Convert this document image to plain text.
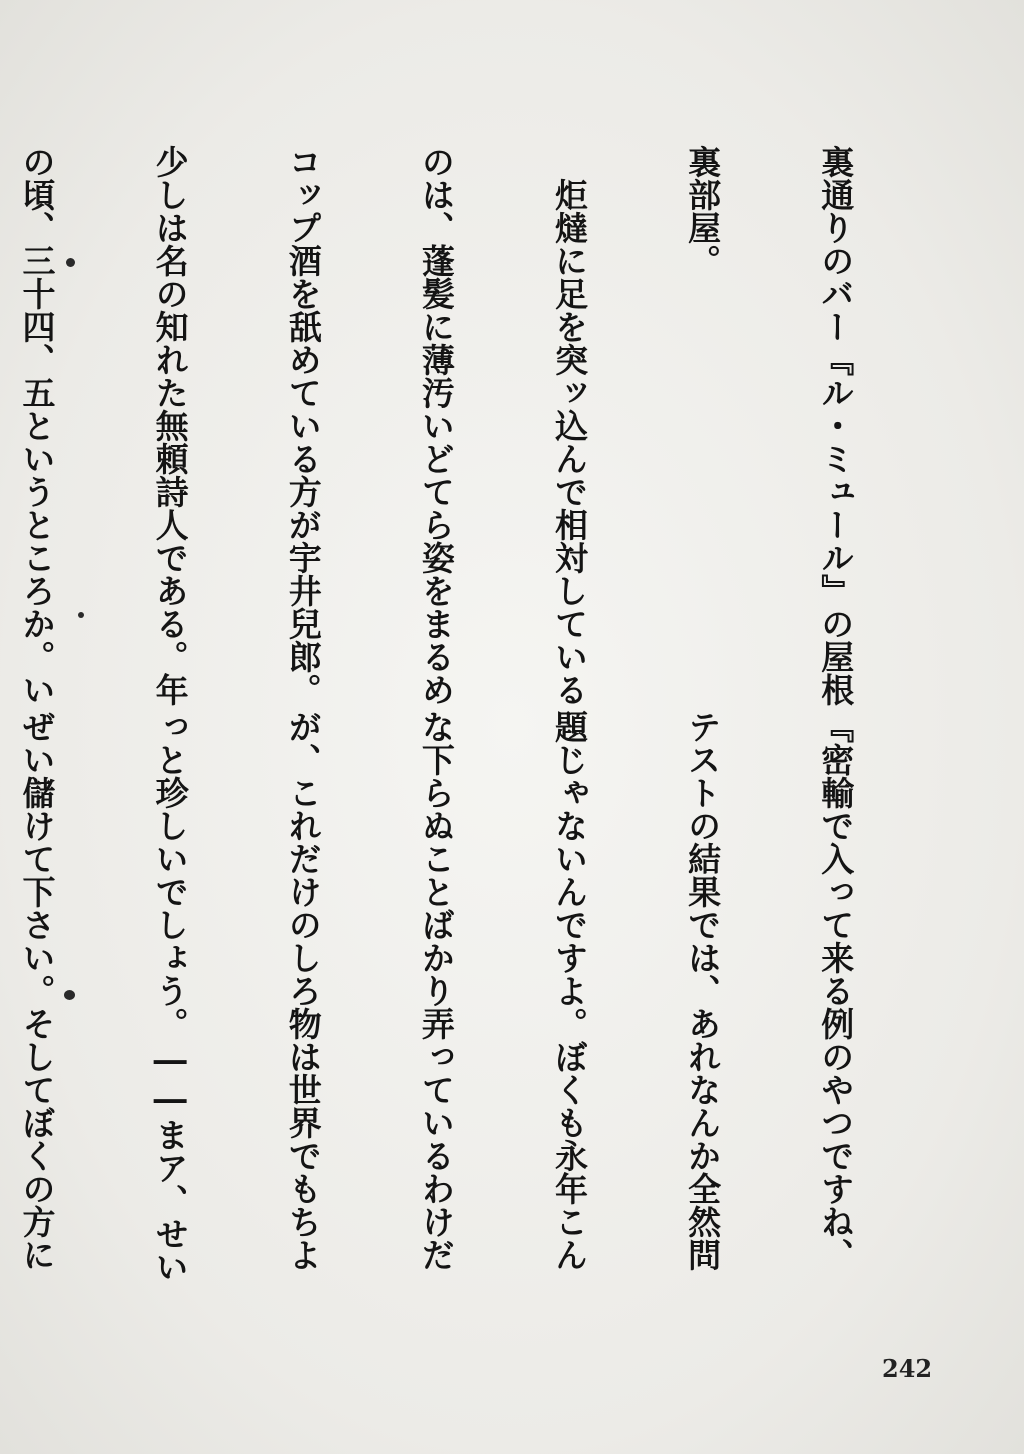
裏通りのバー『ル・ミュール』の屋根

裏部屋。

　炬燵に足を突ッ込んで相対している

のは、蓬髪に薄汚いどてら姿をまるめ

コップ酒を舐めている方が宇井兒郎。

少しは名の知れた無頼詩人である。年

の頃、三十四、五というところか。い

『密輸で入って来る例のやつですね、

テストの結果では、あれなんか全然問

題じゃないんですよ。ぼくも永年こん

な下らぬことばかり弄っているわけだ

が、これだけのしろ物は世界でもちよ

っと珍しいでしょう。――まア、せい

ぜい儲けて下さい。そしてぼくの方に

242
